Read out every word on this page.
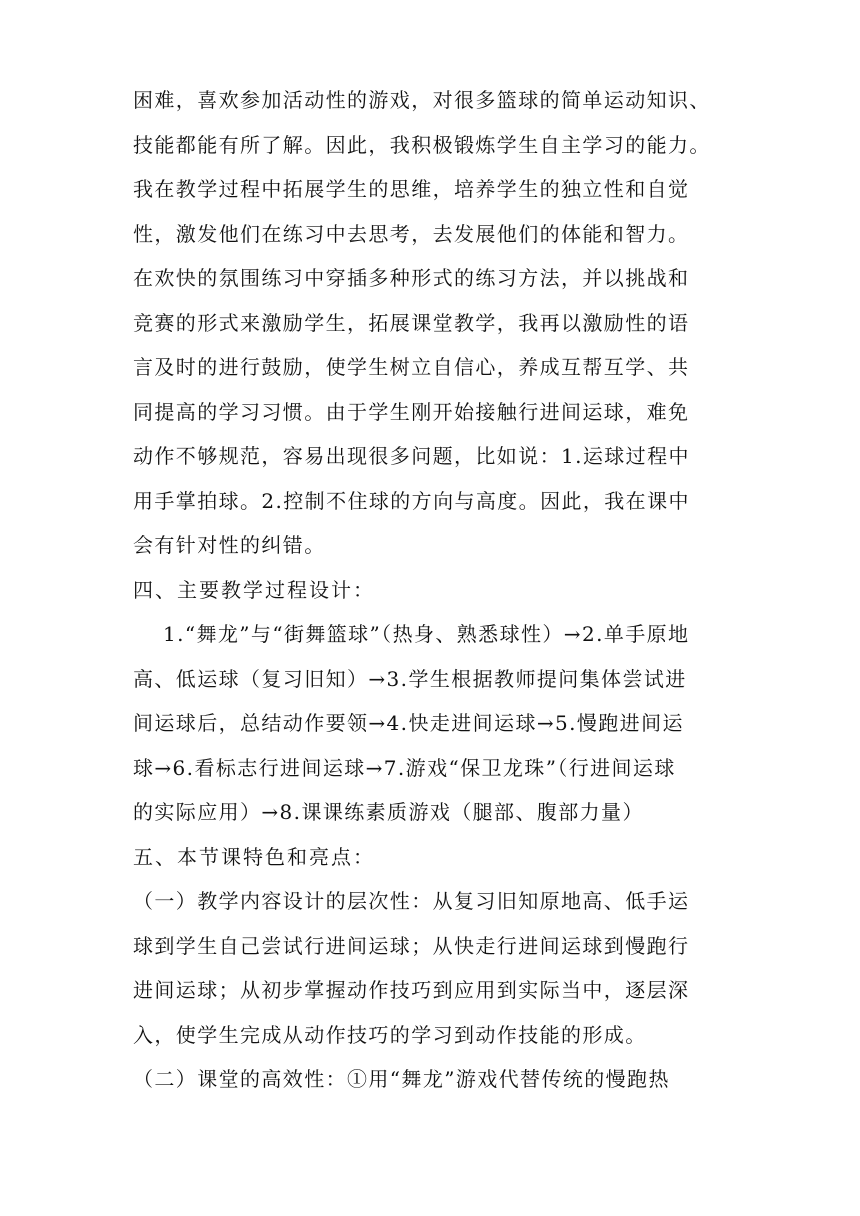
困难，喜欢参加活动性的游戏，对很多篮球的简单运动知识、
技能都能有所了解。因此，我积极锻炼学生自主学习的能力。
我在教学过程中拓展学生的思维，培养学生的独立性和自觉
性，激发他们在练习中去思考，去发展他们的体能和智力。
在欢快的氛围练习中穿插多种形式的练习方法，并以挑战和
竞赛的形式来激励学生，拓展课堂教学，我再以激励性的语
言及时的进行鼓励，使学生树立自信心，养成互帮互学、共
同提高的学习习惯。由于学生刚开始接触行进间运球，难免
动作不够规范，容易出现很多问题，比如说：1.运球过程中
用手掌拍球。2.控制不住球的方向与高度。因此，我在课中
会有针对性的纠错。
四、主要教学过程设计：
1.“舞龙”与“街舞篮球”（热身、熟悉球性）→2.单手原地
高、低运球（复习旧知）→3.学生根据教师提问集体尝试进
间运球后，总结动作要领→4.快走进间运球→5.慢跑进间运
球→6.看标志行进间运球→7.游戏“保卫龙珠”（行进间运球
的实际应用）→8.课课练素质游戏（腿部、腹部力量）
五、本节课特色和亮点：
（一）教学内容设计的层次性：从复习旧知原地高、低手运
球到学生自己尝试行进间运球；从快走行进间运球到慢跑行
进间运球；从初步掌握动作技巧到应用到实际当中，逐层深
入，使学生完成从动作技巧的学习到动作技能的形成。
（二）课堂的高效性：①用“舞龙”游戏代替传统的慢跑热
